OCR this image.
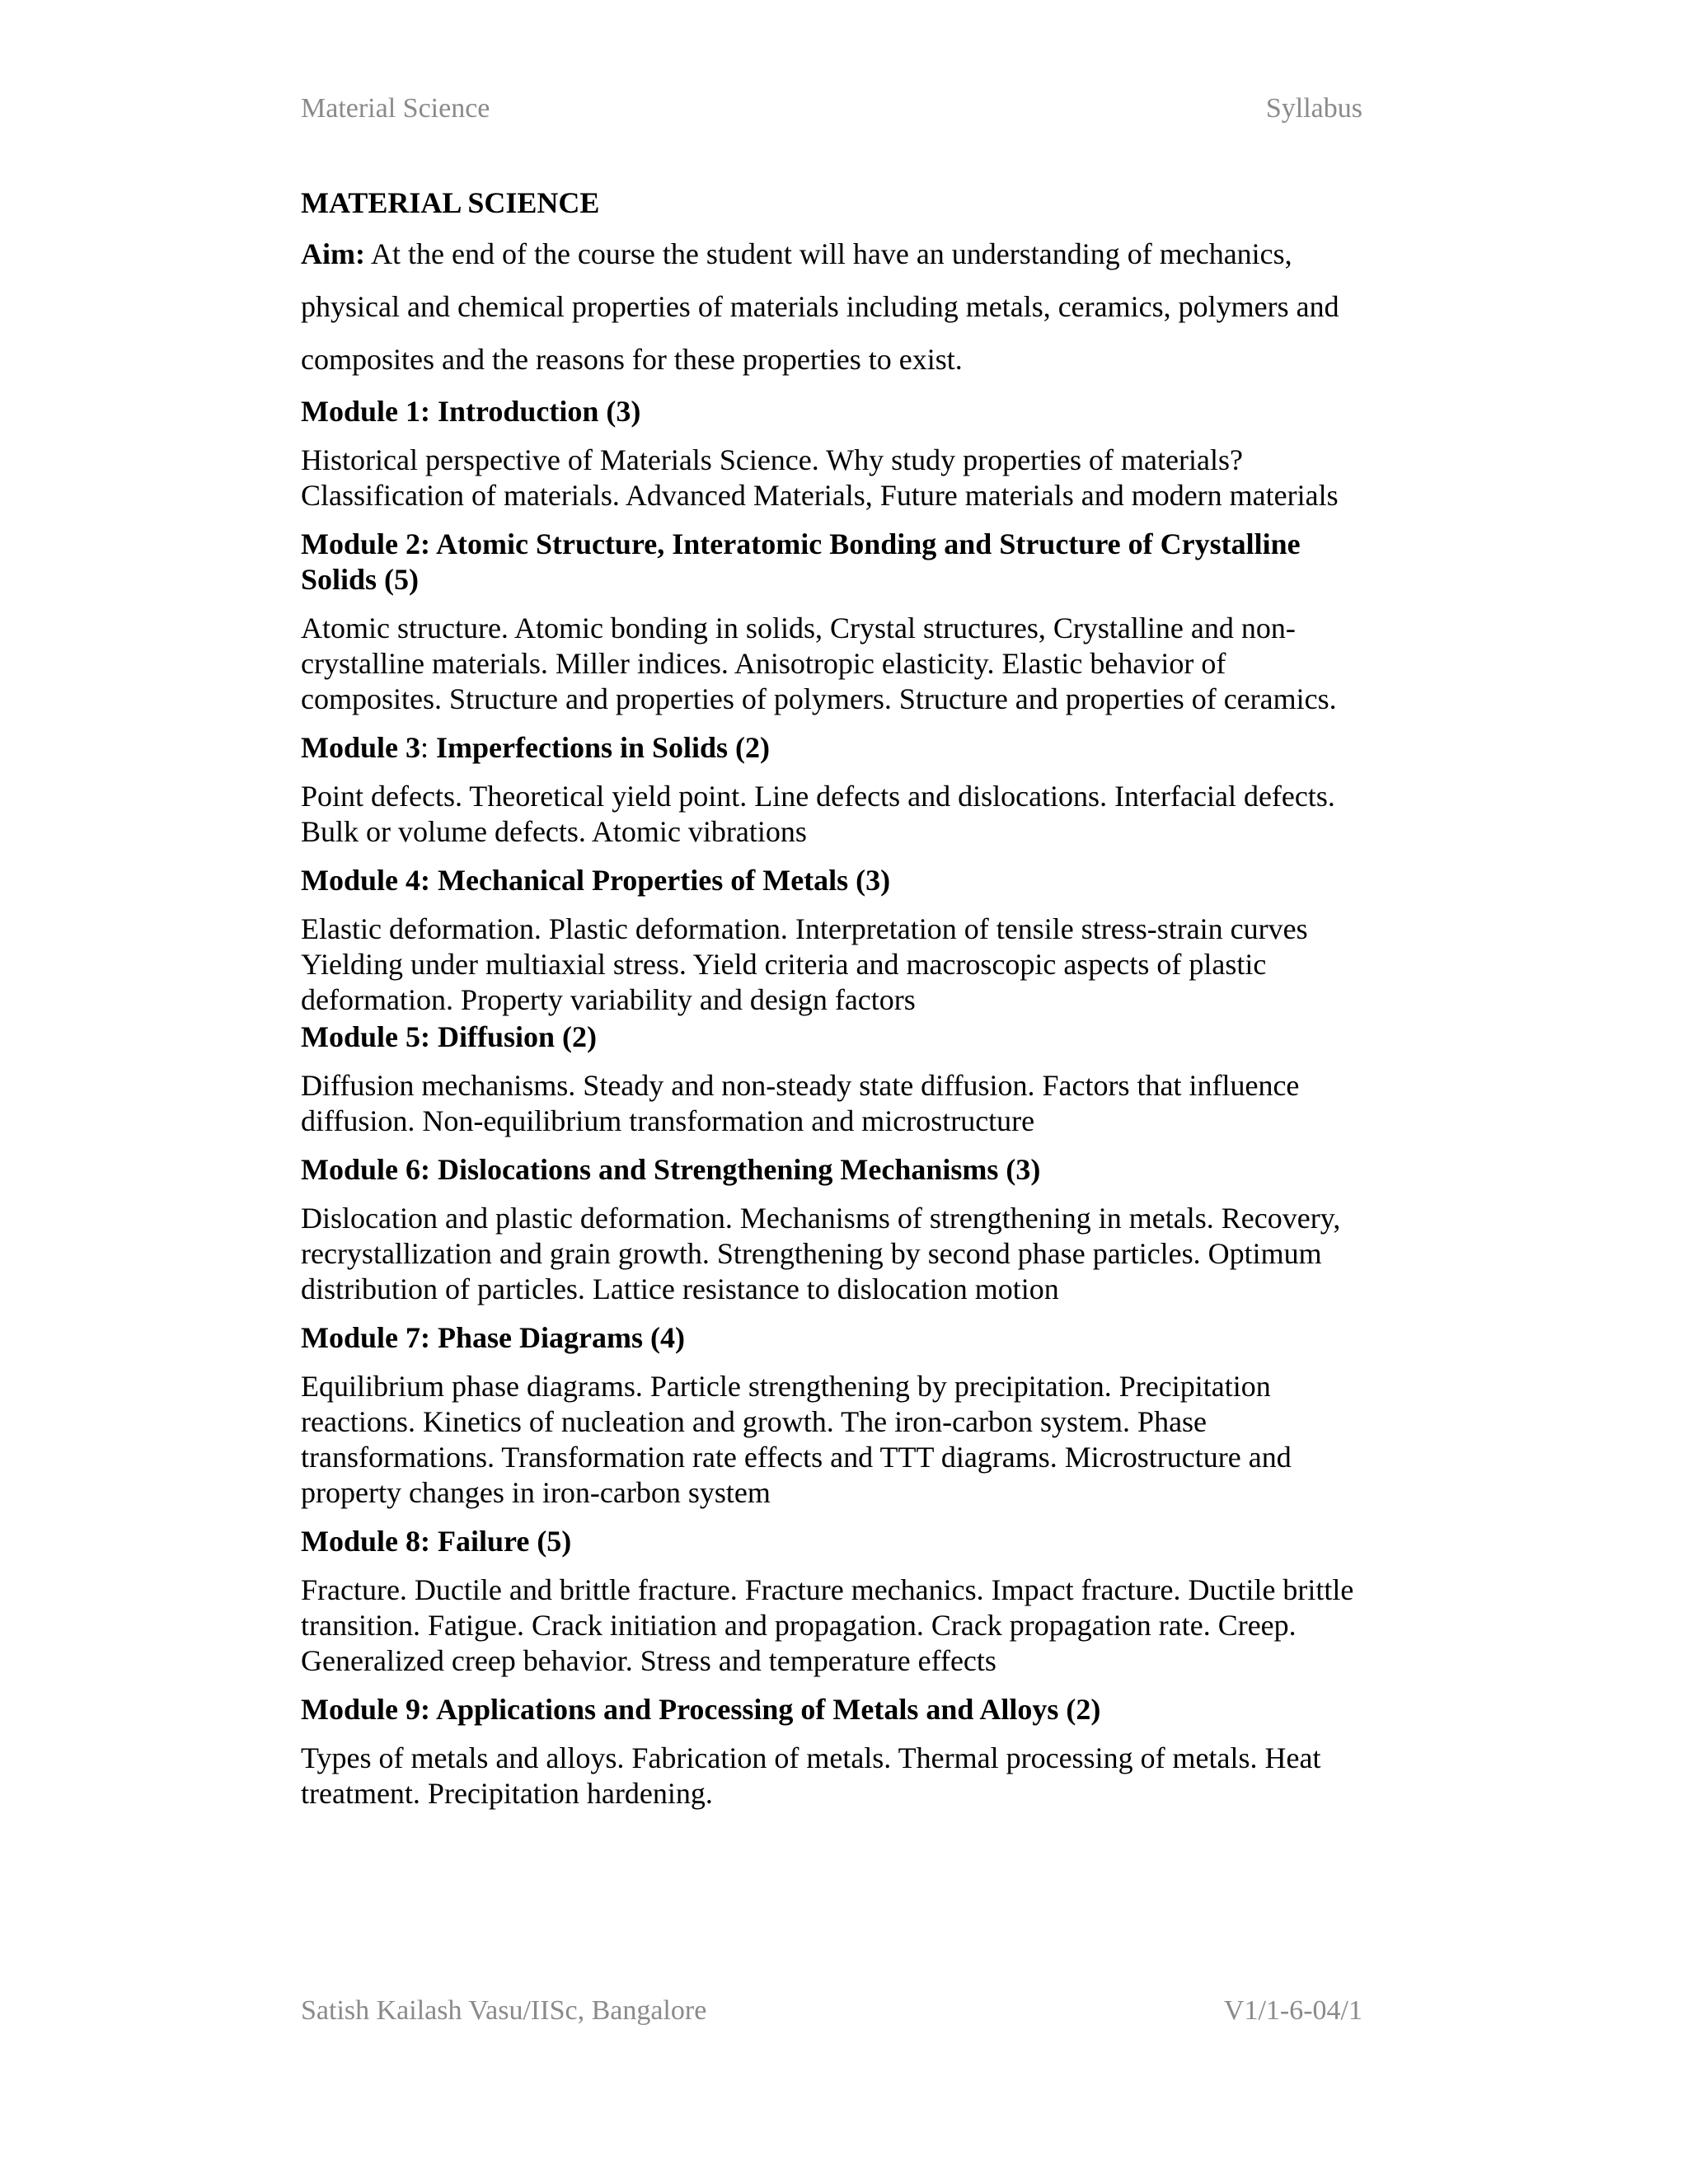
Material Science	Syllabus
MATERIAL SCIENCE

Aim: At the end of the course the student will have an understanding of mechanics, physical and chemical properties of materials including metals, ceramics, polymers and composites and the reasons for these properties to exist.

Module 1: Introduction (3)
Historical perspective of Materials Science. Why study properties of materials? Classification of materials. Advanced Materials, Future materials and modern materials
Module 2: Atomic Structure, Interatomic Bonding and Structure of Crystalline Solids (5)
Atomic structure. Atomic bonding in solids, Crystal structures, Crystalline and non-crystalline materials. Miller indices. Anisotropic elasticity. Elastic behavior of composites. Structure and properties of polymers. Structure and properties of ceramics.
Module 3: Imperfections in Solids (2)
Point defects. Theoretical yield point. Line defects and dislocations. Interfacial defects. Bulk or volume defects. Atomic vibrations
Module 4: Mechanical Properties of Metals (3)
Elastic deformation. Plastic deformation. Interpretation of tensile stress-strain curves Yielding under multiaxial stress. Yield criteria and macroscopic aspects of plastic deformation. Property variability and design factors
Module 5: Diffusion (2)
Diffusion mechanisms. Steady and non-steady state diffusion. Factors that influence diffusion. Non-equilibrium transformation and microstructure
Module 6: Dislocations and Strengthening Mechanisms (3)
Dislocation and plastic deformation. Mechanisms of strengthening in metals. Recovery, recrystallization and grain growth. Strengthening by second phase particles. Optimum distribution of particles. Lattice resistance to dislocation motion
Module 7: Phase Diagrams (4)
Equilibrium phase diagrams. Particle strengthening by precipitation. Precipitation reactions. Kinetics of nucleation and growth. The iron-carbon system. Phase transformations. Transformation rate effects and TTT diagrams. Microstructure and property changes in iron-carbon system
Module 8: Failure (5)
Fracture. Ductile and brittle fracture. Fracture mechanics. Impact fracture. Ductile brittle transition. Fatigue. Crack initiation and propagation. Crack propagation rate. Creep. Generalized creep behavior. Stress and temperature effects
Module 9: Applications and Processing of Metals and Alloys (2)
Types of metals and alloys. Fabrication of metals. Thermal processing of metals. Heat treatment. Precipitation hardening.
Satish Kailash Vasu/IISc, Bangalore	V1/1-6-04/1
